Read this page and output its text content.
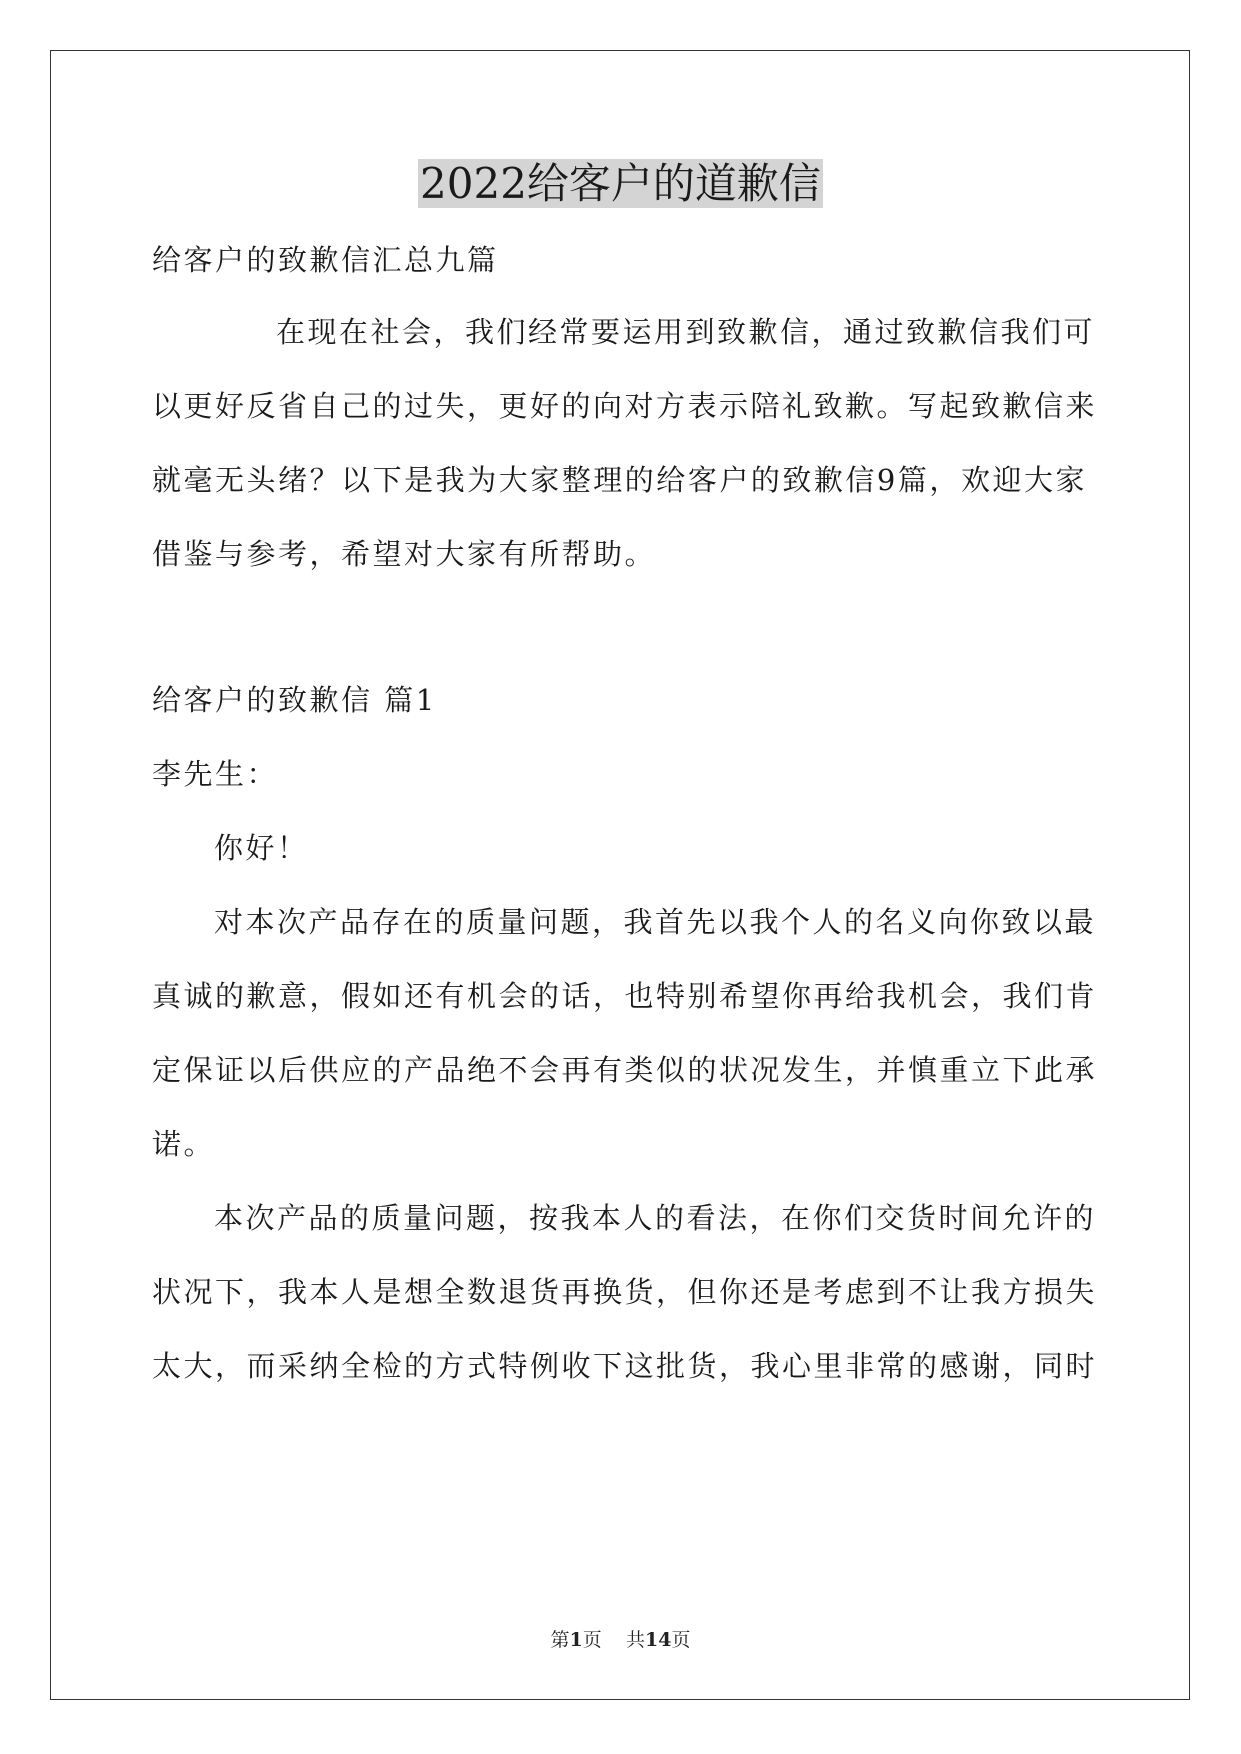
2022给客户的道歉信
给客户的致歉信汇总九篇
在现在社会，我们经常要运用到致歉信，通过致歉信我们可
以更好反省自己的过失，更好的向对方表示陪礼致歉。写起致歉信来
就毫无头绪？以下是我为大家整理的给客户的致歉信9篇，欢迎大家
借鉴与参考，希望对大家有所帮助。
给客户的致歉信 篇1
李先生：
你好！
对本次产品存在的质量问题，我首先以我个人的名义向你致以最
真诚的歉意，假如还有机会的话，也特别希望你再给我机会，我们肯
定保证以后供应的产品绝不会再有类似的状况发生，并慎重立下此承
诺。
本次产品的质量问题，按我本人的看法，在你们交货时间允许的
状况下，我本人是想全数退货再换货，但你还是考虑到不让我方损失
太大，而采纳全检的方式特例收下这批货，我心里非常的感谢，同时
第1页 共14页
